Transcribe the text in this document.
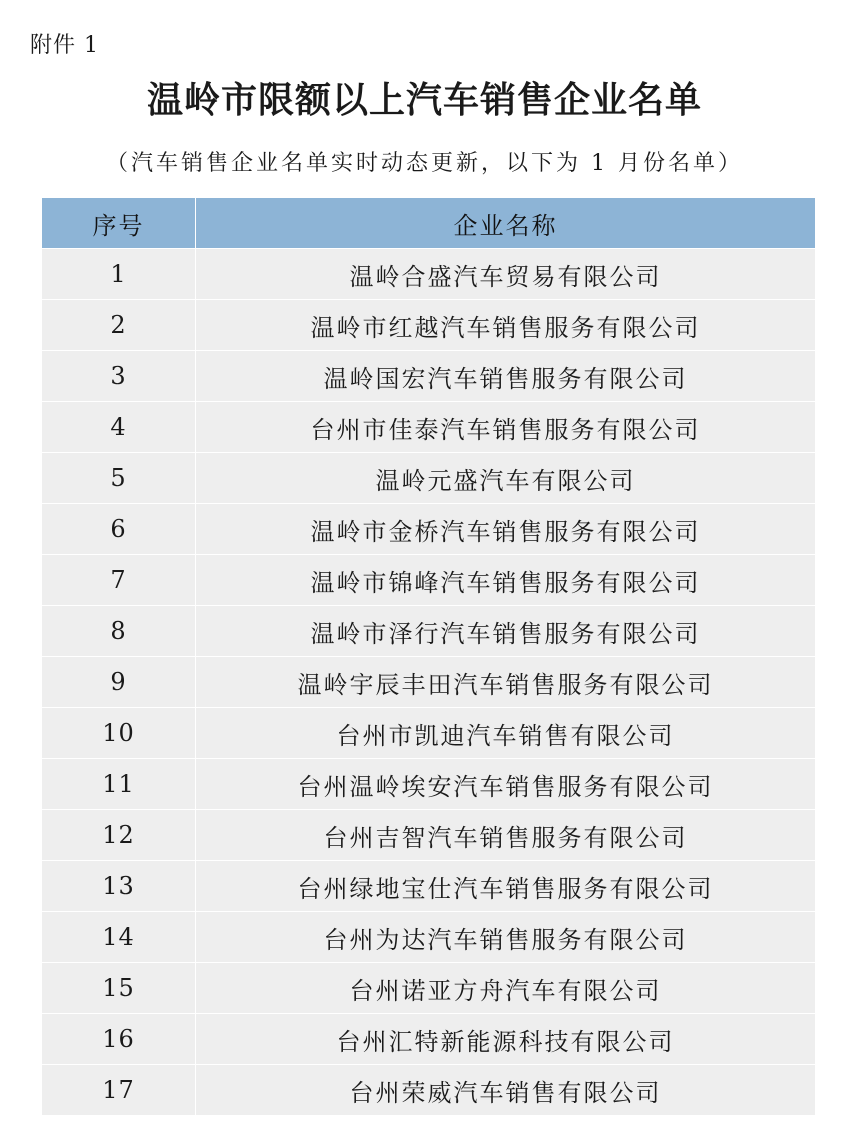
附件 1
温岭市限额以上汽车销售企业名单
（汽车销售企业名单实时动态更新，以下为 1 月份名单）
序号	企业名称
1	温岭合盛汽车贸易有限公司
2	温岭市红越汽车销售服务有限公司
3	温岭国宏汽车销售服务有限公司
4	台州市佳泰汽车销售服务有限公司
5	温岭元盛汽车有限公司
6	温岭市金桥汽车销售服务有限公司
7	温岭市锦峰汽车销售服务有限公司
8	温岭市泽行汽车销售服务有限公司
9	温岭宇辰丰田汽车销售服务有限公司
10	台州市凯迪汽车销售有限公司
11	台州温岭埃安汽车销售服务有限公司
12	台州吉智汽车销售服务有限公司
13	台州绿地宝仕汽车销售服务有限公司
14	台州为达汽车销售服务有限公司
15	台州诺亚方舟汽车有限公司
16	台州汇特新能源科技有限公司
17	台州荣威汽车销售有限公司
